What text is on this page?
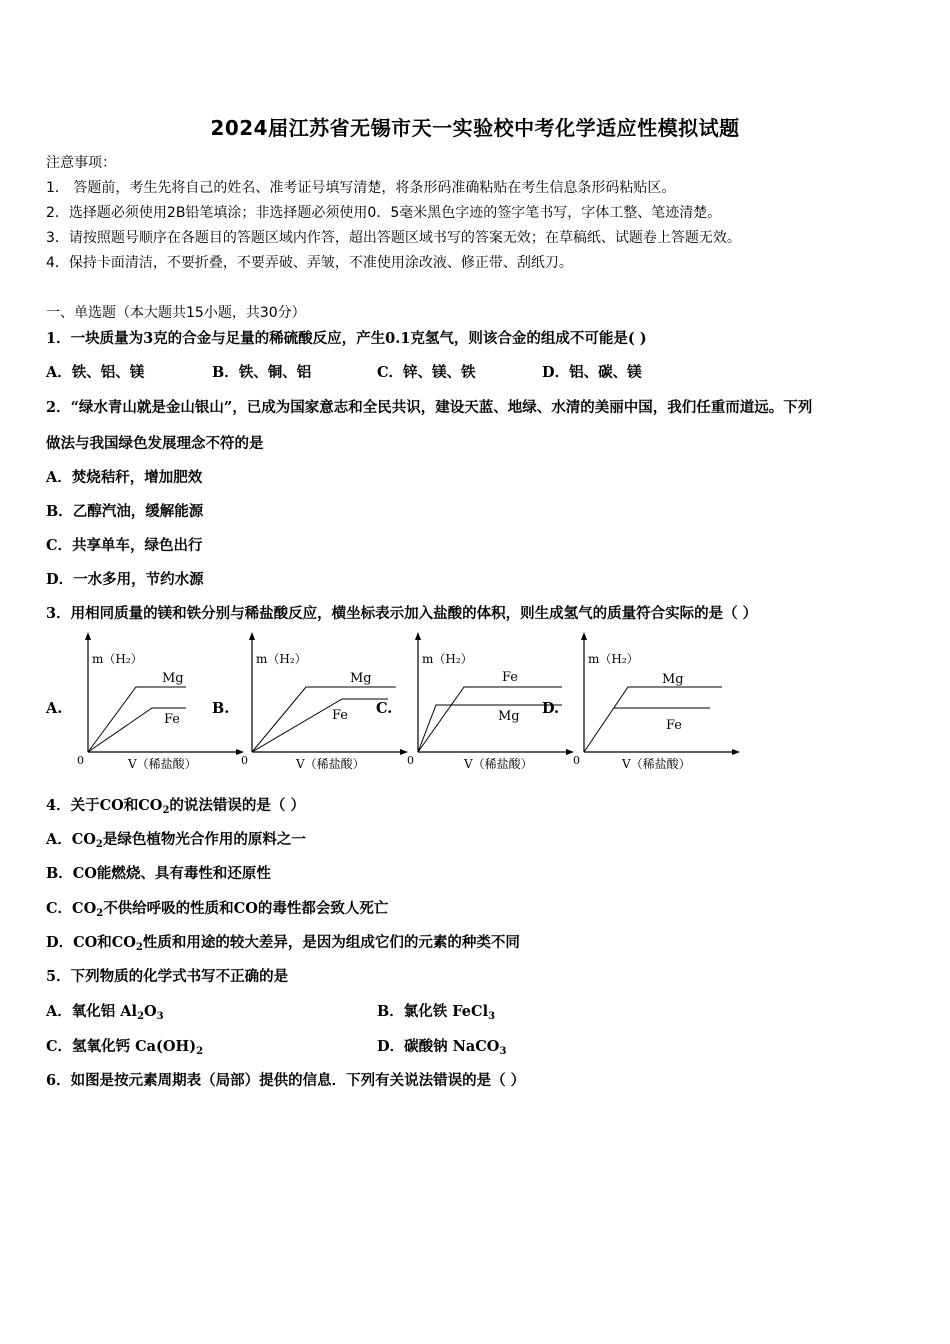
2024届江苏省无锡市天一实验校中考化学适应性模拟试题
注意事项：
1． 答题前，考生先将自己的姓名、准考证号填写清楚，将条形码准确粘贴在考生信息条形码粘贴区。
2．选择题必须使用2B铅笔填涂；非选择题必须使用0．5毫米黑色字迹的签字笔书写，字体工整、笔迹清楚。
3．请按照题号顺序在各题目的答题区域内作答，超出答题区域书写的答案无效；在草稿纸、试题卷上答题无效。
4．保持卡面清洁，不要折叠，不要弄破、弄皱，不准使用涂改液、修正带、刮纸刀。
一、单选题（本大题共15小题，共30分）
1．一块质量为3克的合金与足量的稀硫酸反应，产生0.1克氢气，则该合金的组成不可能是( )
A．铁、铝、镁	B．铁、铜、铝	C．锌、镁、铁	D．铝、碳、镁
2．“绿水青山就是金山银山”，已成为国家意志和全民共识，建设天蓝、地绿、水清的美丽中国，我们任重而道远。下列
做法与我国绿色发展理念不符的是
A．焚烧秸秆，增加肥效
B．乙醇汽油，缓解能源
C．共享单车，绿色出行
D．一水多用，节约水源
3．用相同质量的镁和铁分别与稀盐酸反应，横坐标表示加入盐酸的体积，则生成氢气的质量符合实际的是（ ）
A.
m（H₂）
Mg
Fe
0	V（稀盐酸）
B.
m（H₂）
Mg
Fe
0	V（稀盐酸）
C.
m（H₂）
Fe
Mg
0	V（稀盐酸）
D.
m（H₂）
Mg
Fe
0	V（稀盐酸）
4．关于CO和$CO_2$的说法错误的是（ ）
A．$CO_2$是绿色植物光合作用的原料之一
B．CO能燃烧、具有毒性和还原性
C．$CO_2$不供给呼吸的性质和CO的毒性都会致人死亡
D．CO和$CO_2$性质和用途的较大差异，是因为组成它们的元素的种类不同
5．下列物质的化学式书写不正确的是
A．氧化铝 $Al_2O_3$	B．氯化铁 FeCl$_3$
C．氢氧化钙 $Ca(OH)_2$	D．碳酸钠 NaCO$_3$
6．如图是按元素周期表（局部）提供的信息．下列有关说法错误的是（ ）
